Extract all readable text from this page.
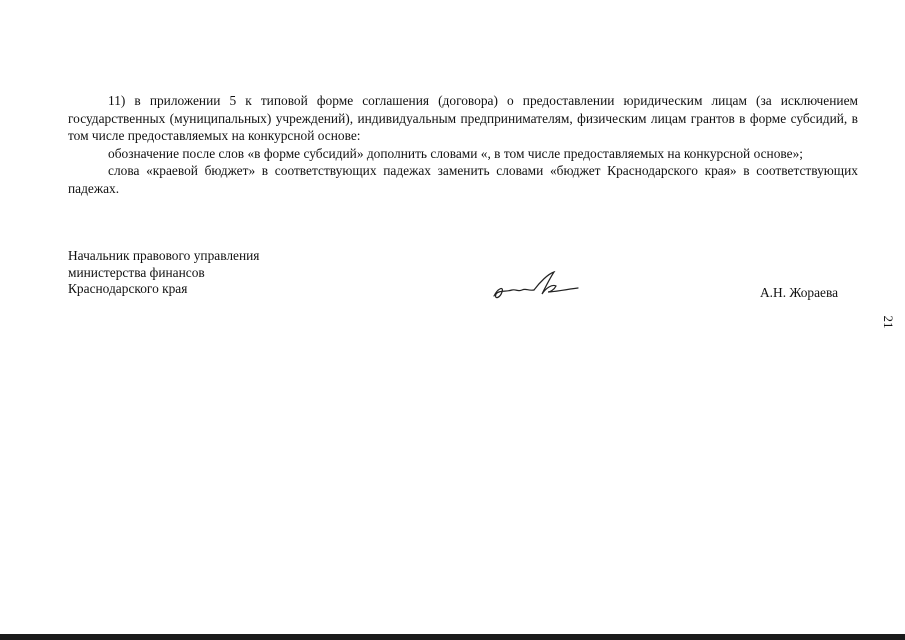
11) в приложении 5 к типовой форме соглашения (договора) о предоставлении юридическим лицам (за исключением государственных (муниципальных) учреждений), индивидуальным предпринимателям, физическим лицам грантов в форме субсидий, в том числе предоставляемых на конкурсной основе:

обозначение после слов «в форме субсидий» дополнить словами «, в том числе предоставляемых на конкурсной основе»;

слова «краевой бюджет» в соответствующих падежах заменить словами «бюджет Краснодарского края» в соответствующих падежах.

Начальник правового управления
министерства финансов
Краснодарского края	А.Н. Жораева
21
